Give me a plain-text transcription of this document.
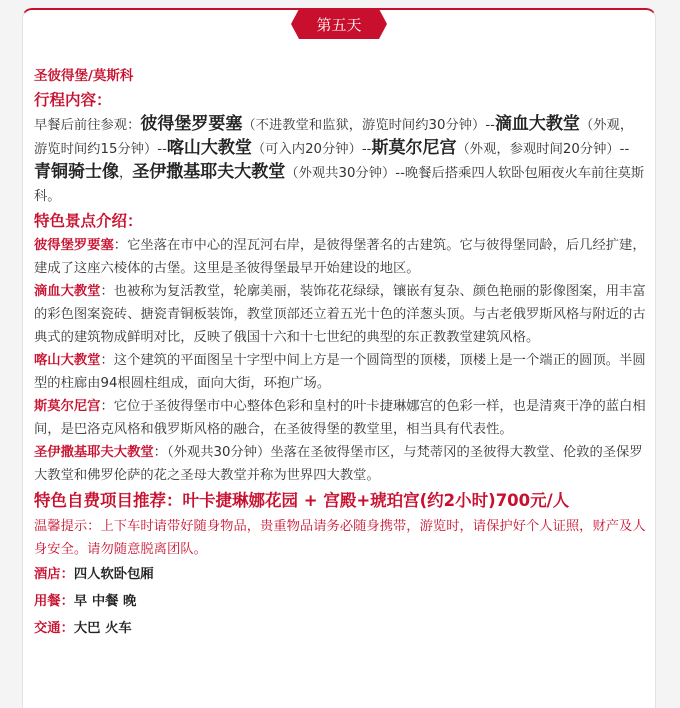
第五天

圣彼得堡/莫斯科

行程内容：

早餐后前往参观：彼得堡罗要塞（不进教堂和监狱，游览时间约30分钟）--滴血大教堂（外观，游览时间约15分钟）--喀山大教堂（可入内20分钟）--斯莫尔尼宫（外观，参观时间20分钟）--青铜骑士像，圣伊撒基耶夫大教堂（外观共30分钟）--晚餐后搭乘四人软卧包厢夜火车前往莫斯科。

特色景点介绍：

彼得堡罗要塞：它坐落在市中心的涅瓦河右岸，是彼得堡著名的古建筑。它与彼得堡同龄，后几经扩建，建成了这座六棱体的古堡。这里是圣彼得堡最早开始建设的地区。

滴血大教堂：也被称为复活教堂，轮廓美丽，装饰花花绿绿，镶嵌有复杂、颜色艳丽的影像图案，用丰富的彩色图案瓷砖、搪瓷青铜板装饰，教堂顶部还立着五光十色的洋葱头顶。与古老俄罗斯风格与附近的古典式的建筑物成鲜明对比，反映了俄国十六和十七世纪的典型的东正教教堂建筑风格。

喀山大教堂：这个建筑的平面图呈十字型中间上方是一个圆筒型的顶楼，顶楼上是一个端正的圆顶。半圆型的柱廊由94根圆柱组成，面向大街，环抱广场。

斯莫尔尼宫：它位于圣彼得堡市中心整体色彩和皇村的叶卡捷琳娜宫的色彩一样，也是清爽干净的蓝白相间，是巴洛克风格和俄罗斯风格的融合，在圣彼得堡的教堂里，相当具有代表性。

圣伊撒基耶夫大教堂：（外观共30分钟）坐落在圣彼得堡市区，与梵蒂冈的圣彼得大教堂、伦敦的圣保罗大教堂和佛罗伦萨的花之圣母大教堂并称为世界四大教堂。

特色自费项目推荐：叶卡捷琳娜花园 + 宫殿+琥珀宫(约2小时)700元/人

温馨提示：上下车时请带好随身物品，贵重物品请务必随身携带，游览时，请保护好个人证照，财产及人身安全。请勿随意脱离团队。

酒店：四人软卧包厢

用餐：早 中餐 晚

交通：大巴 火车
